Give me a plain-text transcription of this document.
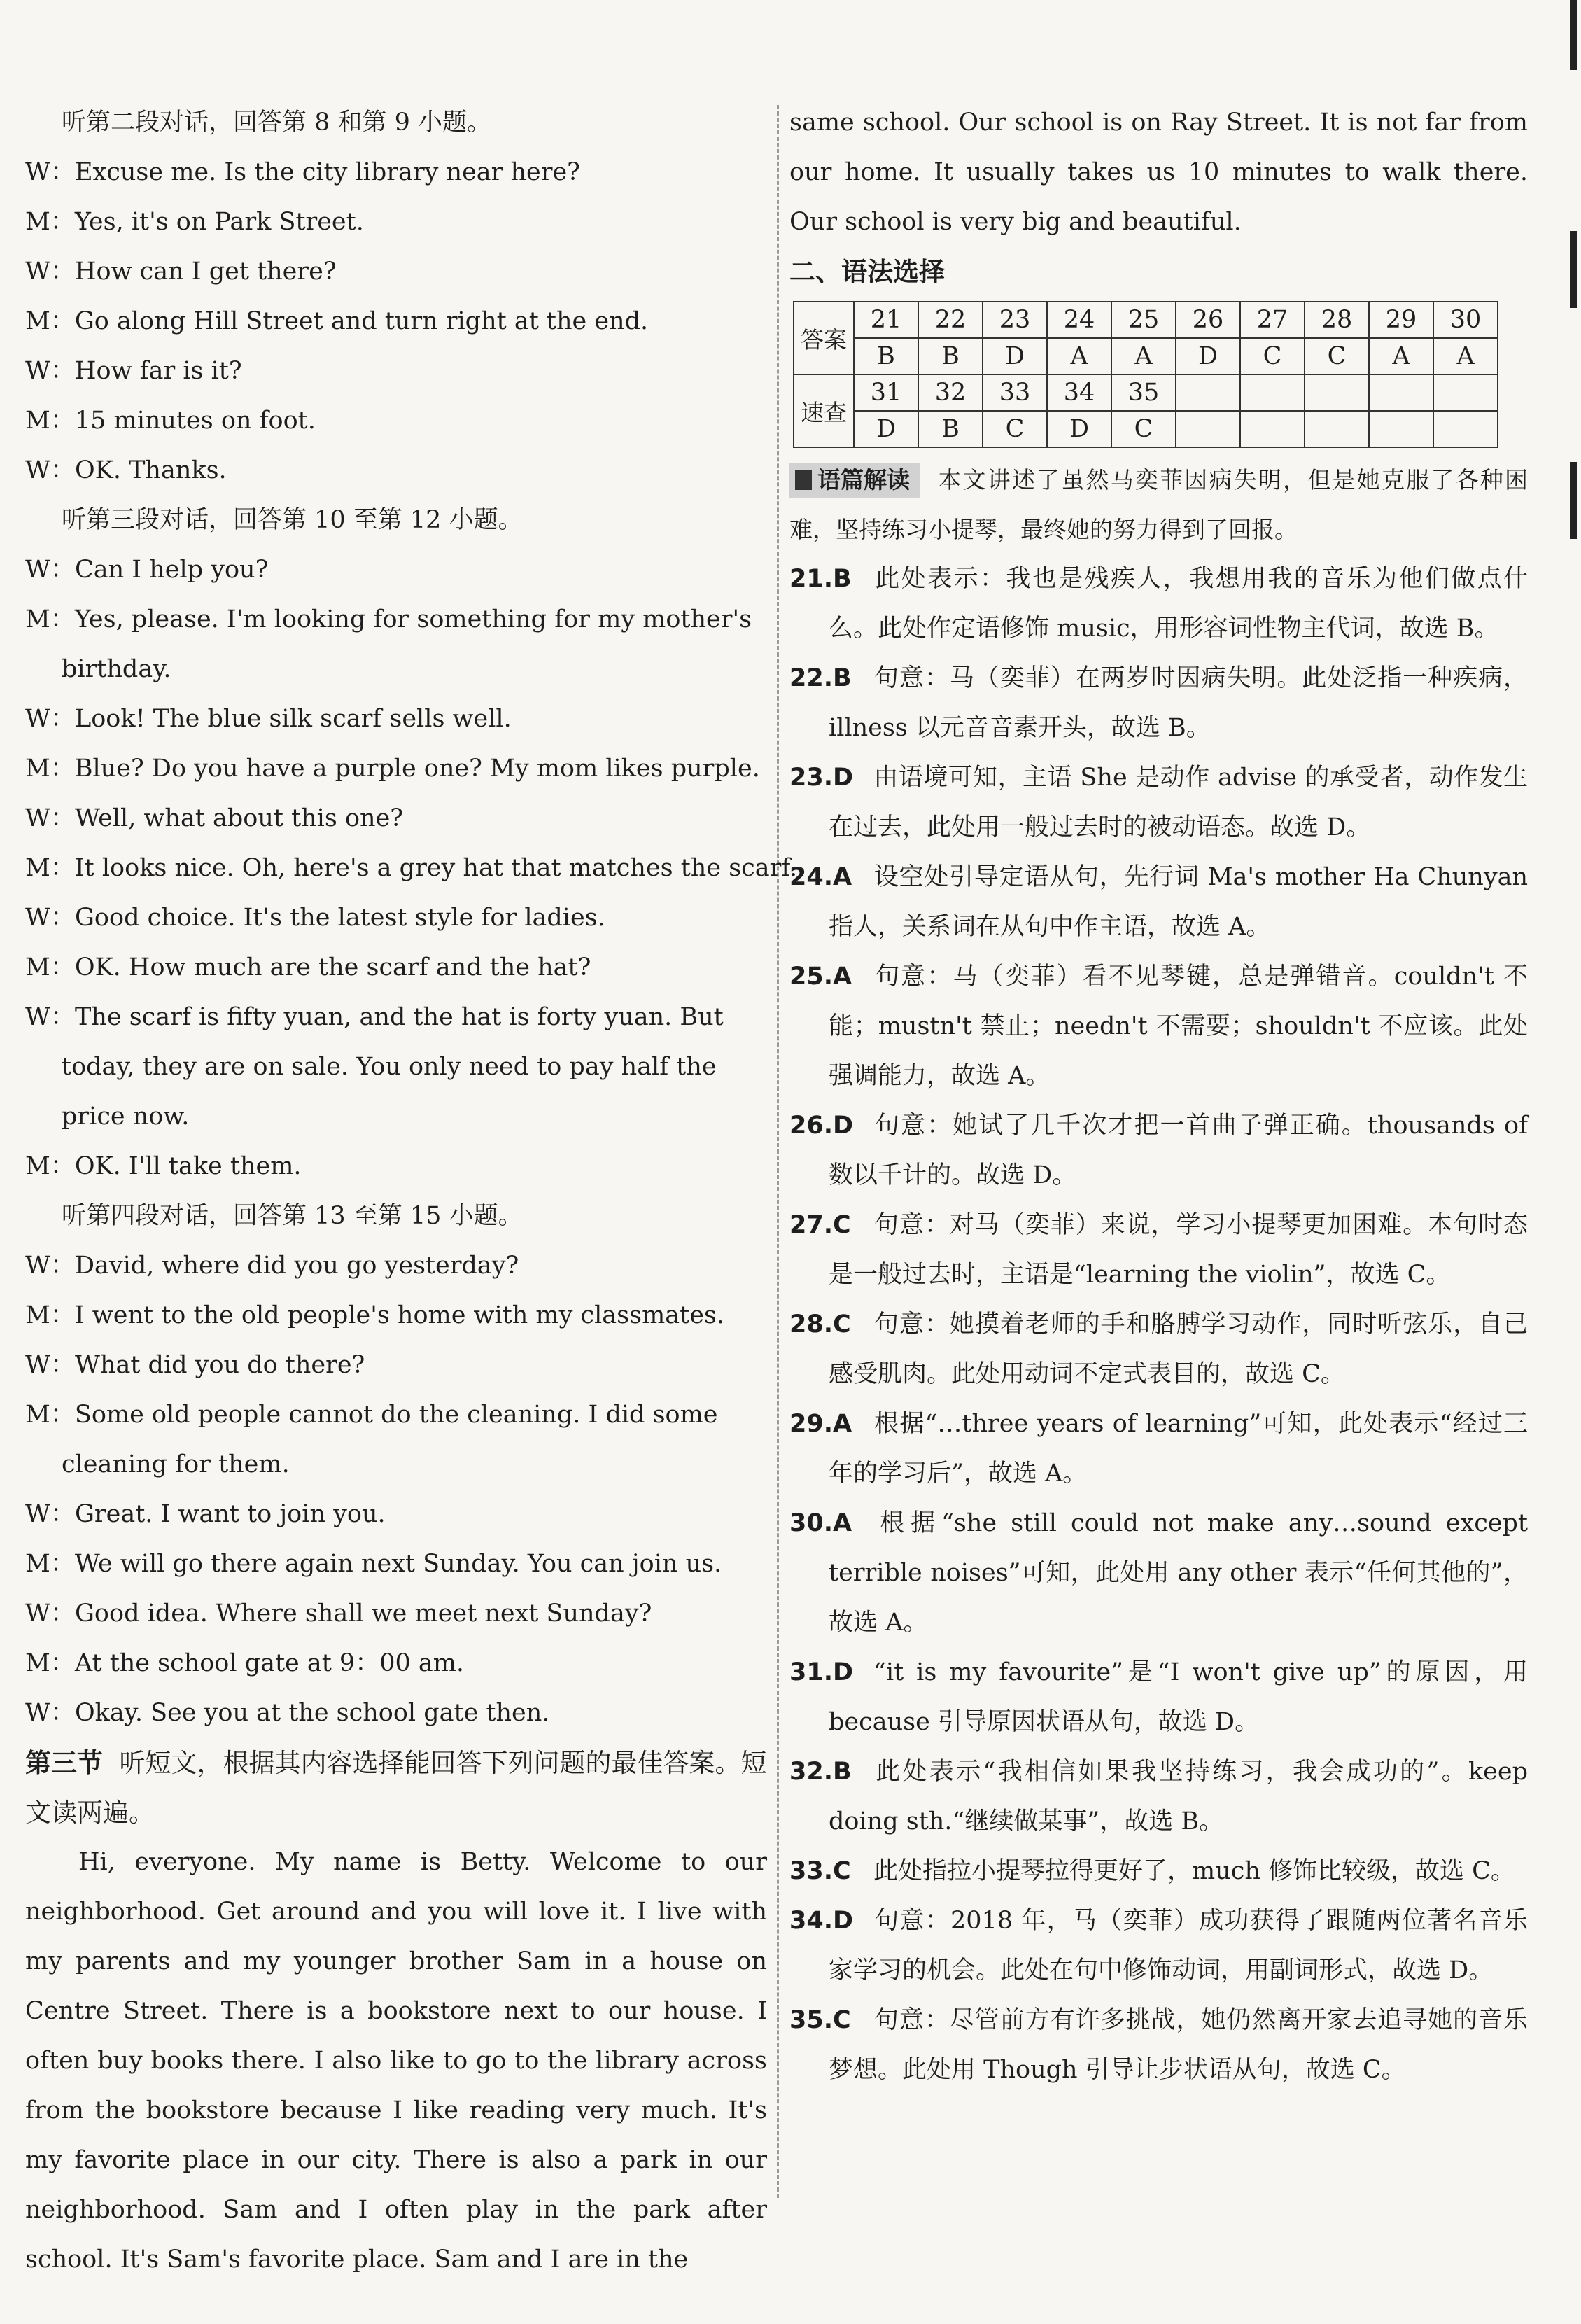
听第二段对话，回答第 8 和第 9 小题。
W：Excuse me. Is the city library near here?
M：Yes, it's on Park Street.
W：How can I get there?
M：Go along Hill Street and turn right at the end.
W：How far is it?
M：15 minutes on foot.
W：OK. Thanks.
听第三段对话，回答第 10 至第 12 小题。
W：Can I help you?
M：Yes, please. I'm looking for something for my mother's birthday.
W：Look! The blue silk scarf sells well.
M：Blue? Do you have a purple one? My mom likes purple.
W：Well, what about this one?
M：It looks nice. Oh, here's a grey hat that matches the scarf.
W：Good choice. It's the latest style for ladies.
M：OK. How much are the scarf and the hat?
W：The scarf is fifty yuan, and the hat is forty yuan. But today, they are on sale. You only need to pay half the price now.
M：OK. I'll take them.
听第四段对话，回答第 13 至第 15 小题。
W：David, where did you go yesterday?
M：I went to the old people's home with my classmates.
W：What did you do there?
M：Some old people cannot do the cleaning. I did some cleaning for them.
W：Great. I want to join you.
M：We will go there again next Sunday. You can join us.
W：Good idea. Where shall we meet next Sunday?
M：At the school gate at 9：00 am.
W：Okay. See you at the school gate then.
第三节 听短文，根据其内容选择能回答下列问题的最佳答案。短文读两遍。
Hi, everyone. My name is Betty. Welcome to our neighborhood. Get around and you will love it. I live with my parents and my younger brother Sam in a house on Centre Street. There is a bookstore next to our house. I often buy books there. I also like to go to the library across from the bookstore because I like reading very much. It's my favorite place in our city. There is also a park in our neighborhood. Sam and I often play in the park after school. It's Sam's favorite place. Sam and I are in the
same school. Our school is on Ray Street. It is not far from our home. It usually takes us 10 minutes to walk there. Our school is very big and beautiful.
二、语法选择
答案	21	22	23	24	25	26	27	28	29	30
	B	B	D	A	A	D	C	C	A	A
速查	31	32	33	34	35					
	D	B	C	D	C					
语篇解读 本文讲述了虽然马奕菲因病失明，但是她克服了各种困难，坚持练习小提琴，最终她的努力得到了回报。
21.B 此处表示：我也是残疾人，我想用我的音乐为他们做点什么。此处作定语修饰 music，用形容词性物主代词，故选 B。
22.B 句意：马（奕菲）在两岁时因病失明。此处泛指一种疾病，illness 以元音音素开头，故选 B。
23.D 由语境可知，主语 She 是动作 advise 的承受者，动作发生在过去，此处用一般过去时的被动语态。故选 D。
24.A 设空处引导定语从句，先行词 Ma's mother Ha Chunyan 指人，关系词在从句中作主语，故选 A。
25.A 句意：马（奕菲）看不见琴键，总是弹错音。couldn't 不能；mustn't 禁止；needn't 不需要；shouldn't 不应该。此处强调能力，故选 A。
26.D 句意：她试了几千次才把一首曲子弹正确。thousands of 数以千计的。故选 D。
27.C 句意：对马（奕菲）来说，学习小提琴更加困难。本句时态是一般过去时，主语是“learning the violin”，故选 C。
28.C 句意：她摸着老师的手和胳膊学习动作，同时听弦乐，自己感受肌肉。此处用动词不定式表目的，故选 C。
29.A 根据“…three years of learning”可知，此处表示“经过三年的学习后”，故选 A。
30.A 根据“she still could not make any…sound except terrible noises”可知，此处用 any other 表示“任何其他的”，故选 A。
31.D “it is my favourite”是“I won't give up”的原因，用 because 引导原因状语从句，故选 D。
32.B 此处表示“我相信如果我坚持练习，我会成功的”。keep doing sth.“继续做某事”，故选 B。
33.C 此处指拉小提琴拉得更好了，much 修饰比较级，故选 C。
34.D 句意：2018 年，马（奕菲）成功获得了跟随两位著名音乐家学习的机会。此处在句中修饰动词，用副词形式，故选 D。
35.C 句意：尽管前方有许多挑战，她仍然离开家去追寻她的音乐梦想。此处用 Though 引导让步状语从句，故选 C。
